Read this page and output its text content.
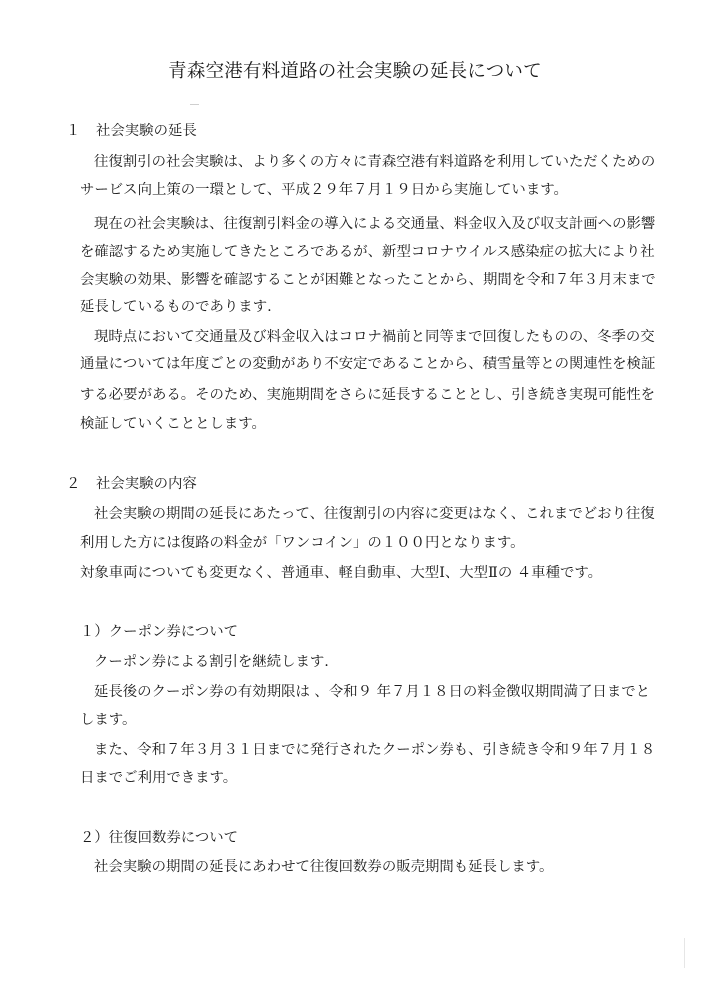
青森空港有料道路の社会実験の延長について
１ 社会実験の延長
往復割引の社会実験は、より多くの方々に青森空港有料道路を利用していただくための
サービス向上策の一環として、平成２９年７月１９日から実施しています。
現在の社会実験は、往復割引料金の導入による交通量、料金収入及び収支計画への影響
を確認するため実施してきたところであるが、新型コロナウイルス感染症の拡大により社
会実験の効果、影響を確認することが困難となったことから、期間を令和７年３月末まで
延長しているものであります.
現時点において交通量及び料金収入はコロナ禍前と同等まで回復したものの、冬季の交
通量については年度ごとの変動があり不安定であることから、積雪量等との関連性を検証
する必要がある。そのため、実施期間をさらに延長することとし、引き続き実現可能性を
検証していくこととします。
２ 社会実験の内容
社会実験の期間の延長にあたって、往復割引の内容に変更はなく、これまでどおり往復
利用した方には復路の料金が「ワンコイン」の１００円となります。
対象車両についても変更なく、普通車、軽自動車、大型Ⅰ、大型Ⅱの ４車種です。
１）クーポン券について
クーポン券による割引を継続します.
延長後のクーポン券の有効期限は 、令和９ 年７月１８日の料金徴収期間満了日までと
します。
また、令和７年３月３１日までに発行されたクーポン券も、引き続き令和９年７月１８
日までご利用できます。
２）往復回数券について
社会実験の期間の延長にあわせて往復回数券の販売期間も延長します。
